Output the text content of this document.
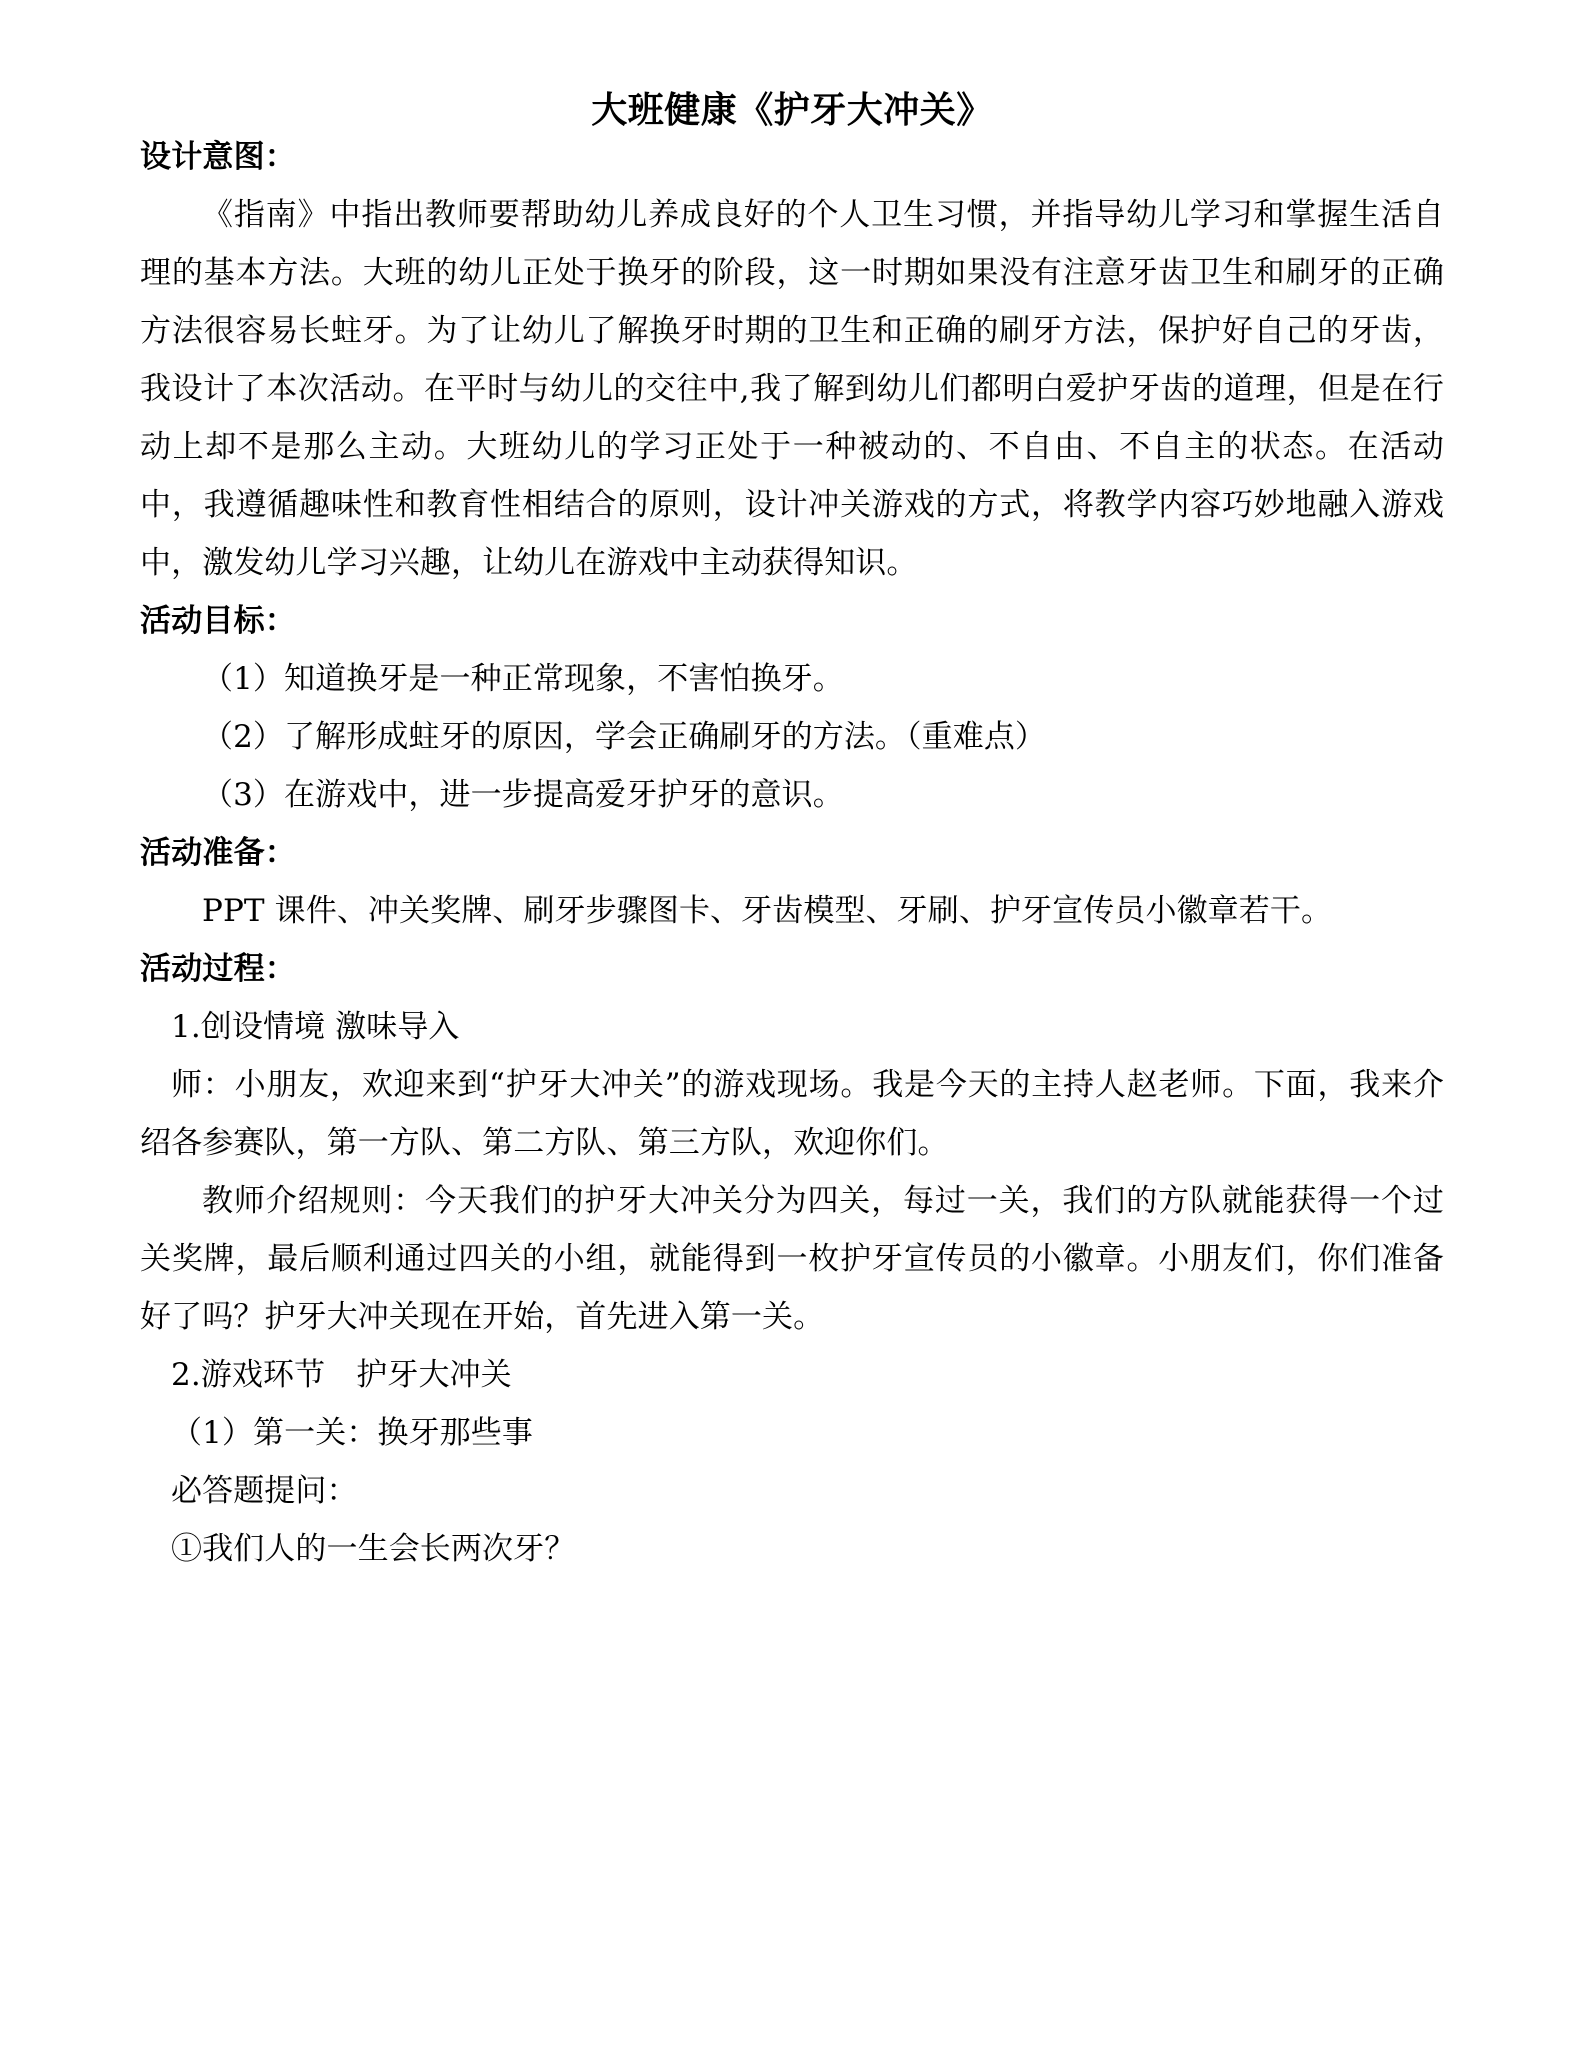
大班健康《护牙大冲关》
设计意图：

《指南》中指出教师要帮助幼儿养成良好的个人卫生习惯，并指导幼儿学习和掌握生活自理的基本方法。大班的幼儿正处于换牙的阶段，这一时期如果没有注意牙齿卫生和刷牙的正确方法很容易长蛀牙。为了让幼儿了解换牙时期的卫生和正确的刷牙方法，保护好自己的牙齿，我设计了本次活动。在平时与幼儿的交往中,我了解到幼儿们都明白爱护牙齿的道理，但是在行动上却不是那么主动。大班幼儿的学习正处于一种被动的、不自由、不自主的状态。在活动中，我遵循趣味性和教育性相结合的原则，设计冲关游戏的方式，将教学内容巧妙地融入游戏中，激发幼儿学习兴趣，让幼儿在游戏中主动获得知识。

活动目标：

（1）知道换牙是一种正常现象，不害怕换牙。

（2）了解形成蛀牙的原因，学会正确刷牙的方法。（重难点）

（3）在游戏中，进一步提高爱牙护牙的意识。

活动准备：

PPT 课件、冲关奖牌、刷牙步骤图卡、牙齿模型、牙刷、护牙宣传员小徽章若干。

活动过程：

1.创设情境 激味导入

师：小朋友，欢迎来到“护牙大冲关”的游戏现场。我是今天的主持人赵老师。下面，我来介绍各参赛队，第一方队、第二方队、第三方队，欢迎你们。

教师介绍规则：今天我们的护牙大冲关分为四关，每过一关，我们的方队就能获得一个过关奖牌，最后顺利通过四关的小组，就能得到一枚护牙宣传员的小徽章。小朋友们，你们准备好了吗？护牙大冲关现在开始，首先进入第一关。

2.游戏环节　护牙大冲关

（1）第一关：换牙那些事

必答题提问：

①我们人的一生会长两次牙？
